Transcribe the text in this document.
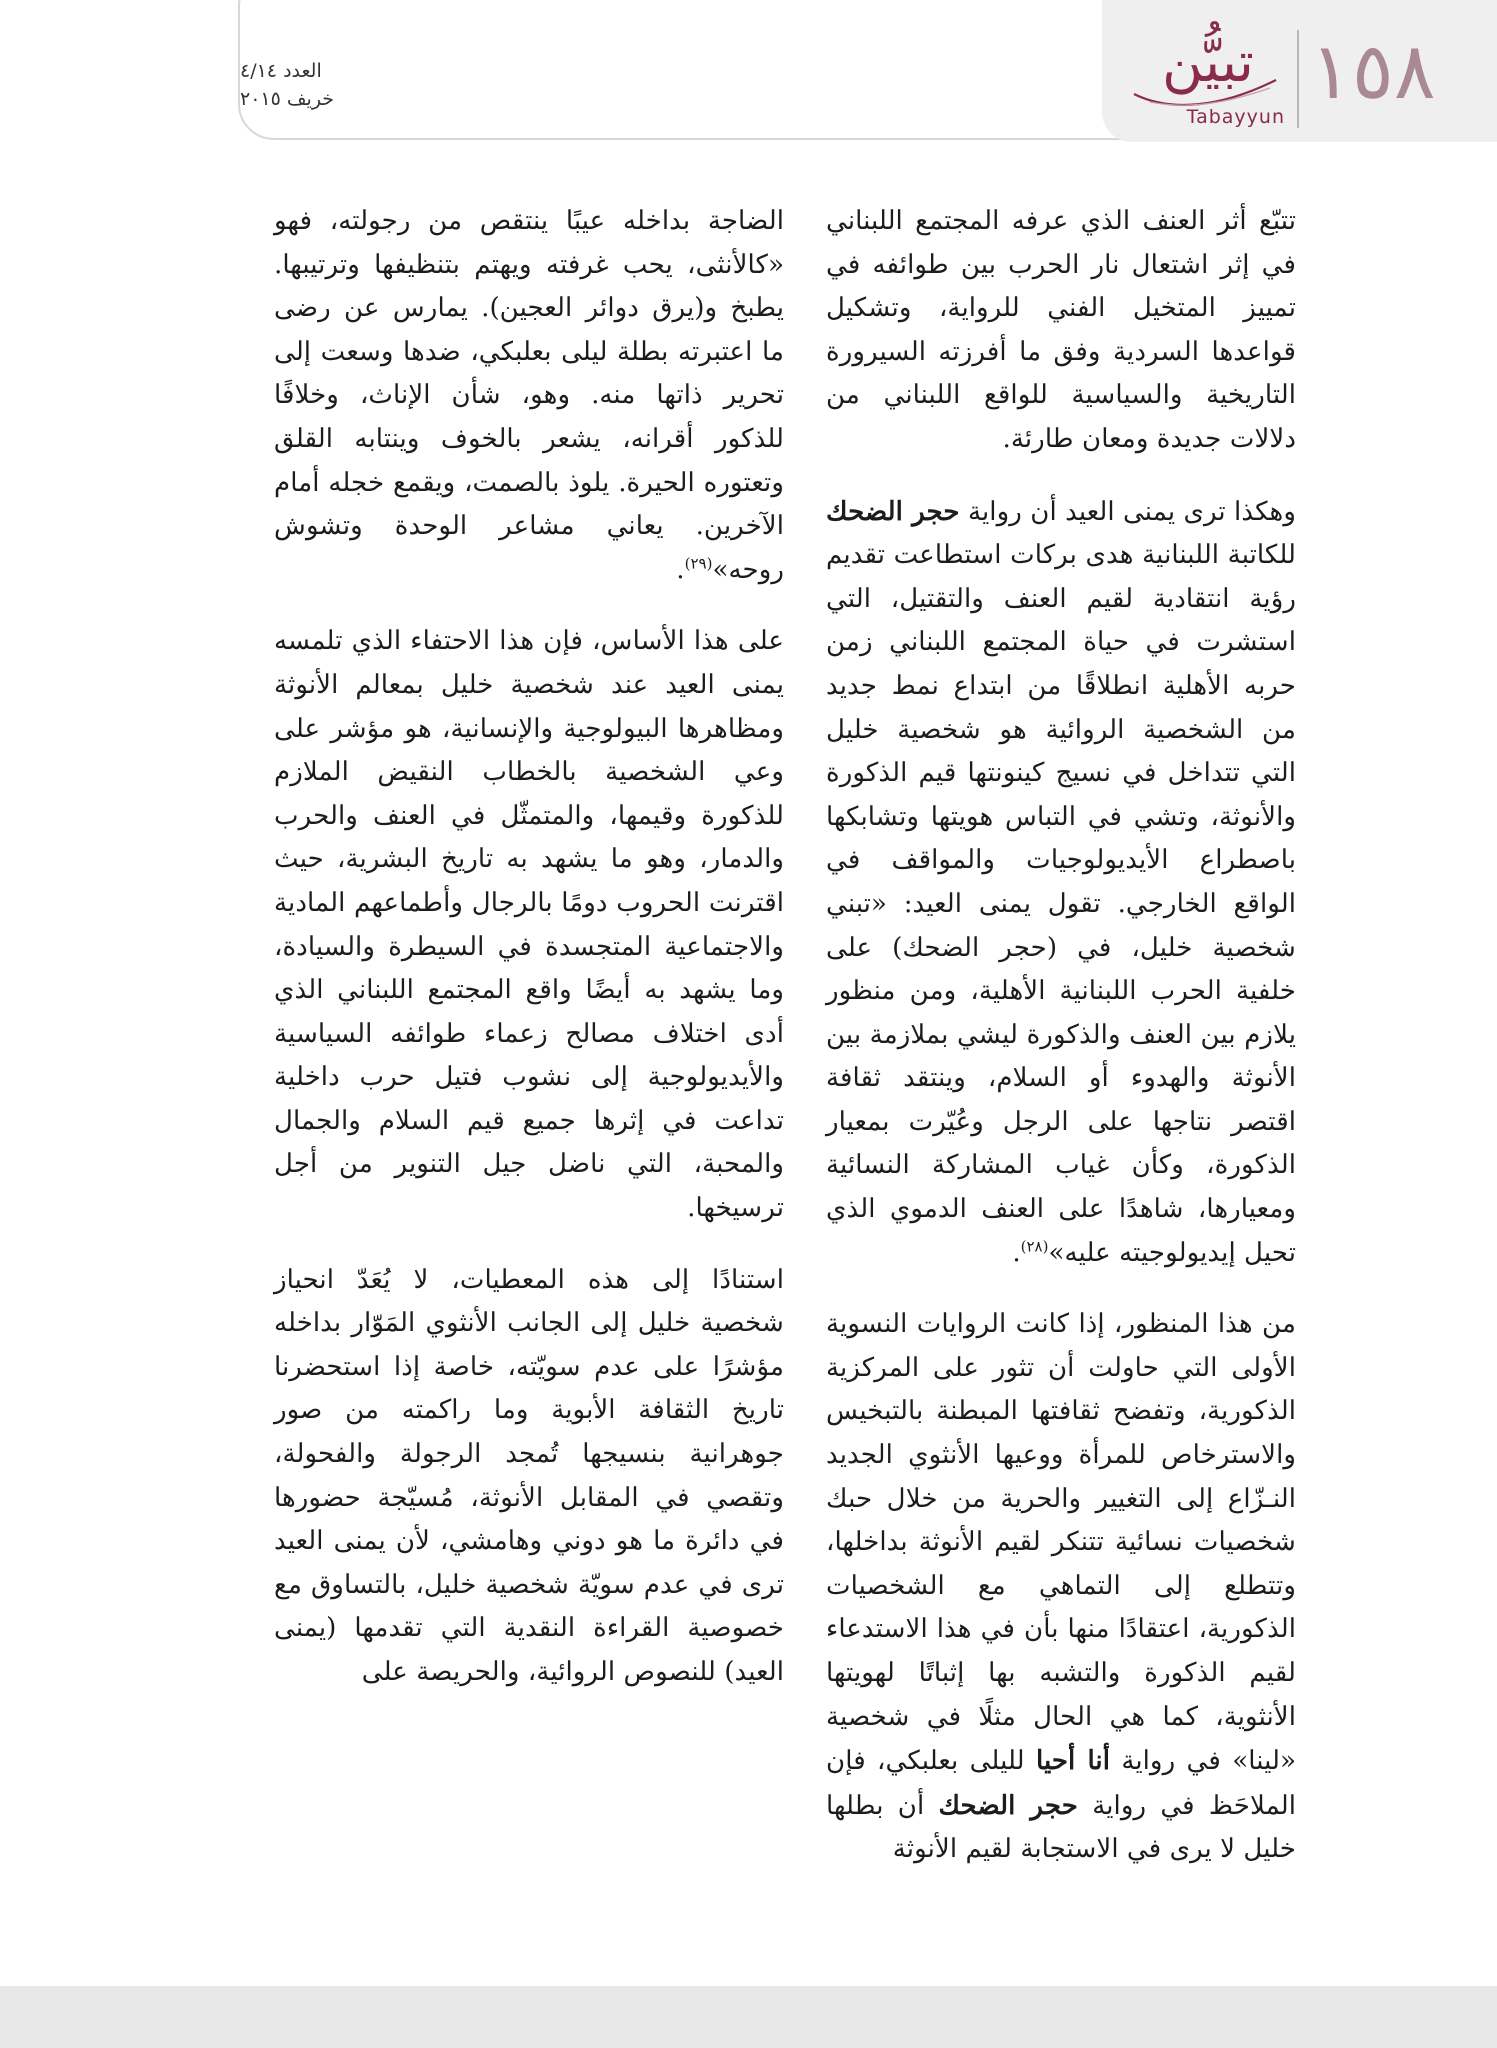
١٥٨
تبيُّن
Tabayyun
العدد ٤/١٤
خريف ٢٠١٥

تتبّع أثر العنف الذي عرفه المجتمع اللبناني في إثر اشتعال نار الحرب بين طوائفه في تمييز المتخيل الفني للرواية، وتشكيل قواعدها السردية وفق ما أفرزته السيرورة التاريخية والسياسية للواقع اللبناني من دلالات جديدة ومعان طارئة.

وهكذا ترى يمنى العيد أن رواية حجر الضحك للكاتبة اللبنانية هدى بركات استطاعت تقديم رؤية انتقادية لقيم العنف والتقتيل، التي استشرت في حياة المجتمع اللبناني زمن حربه الأهلية انطلاقًا من ابتداع نمط جديد من الشخصية الروائية هو شخصية خليل التي تتداخل في نسيج كينونتها قيم الذكورة والأنوثة، وتشي في التباس هويتها وتشابكها باصطراع الأيديولوجيات والمواقف في الواقع الخارجي. تقول يمنى العيد: «تبني شخصية خليل، في (حجر الضحك) على خلفية الحرب اللبنانية الأهلية، ومن منظور يلازم بين العنف والذكورة ليشي بملازمة بين الأنوثة والهدوء أو السلام، وينتقد ثقافة اقتصر نتاجها على الرجل وعُيّرت بمعيار الذكورة، وكأن غياب المشاركة النسائية ومعيارها، شاهدًا على العنف الدموي الذي تحيل إيديولوجيته عليه»$^{(٢٨)}$.

من هذا المنظور، إذا كانت الروايات النسوية الأولى التي حاولت أن تثور على المركزية الذكورية، وتفضح ثقافتها المبطنة بالتبخيس والاسترخاص للمرأة ووعيها الأنثوي الجديد النـزّاع إلى التغيير والحرية من خلال حبك شخصيات نسائية تتنكر لقيم الأنوثة بداخلها، وتتطلع إلى التماهي مع الشخصيات الذكورية، اعتقادًا منها بأن في هذا الاستدعاء لقيم الذكورة والتشبه بها إثباتًا لهويتها الأنثوية، كما هي الحال مثلًا في شخصية «لينا» في رواية أنا أحيا لليلى بعلبكي، فإن الملاحَظ في رواية حجر الضحك أن بطلها خليل لا يرى في الاستجابة لقيم الأنوثة

الضاجة بداخله عيبًا ينتقص من رجولته، فهو «كالأنثى، يحب غرفته ويهتم بتنظيفها وترتيبها. يطبخ و(يرق دوائر العجين). يمارس عن رضى ما اعتبرته بطلة ليلى بعلبكي، ضدها وسعت إلى تحرير ذاتها منه. وهو، شأن الإناث، وخلافًا للذكور أقرانه، يشعر بالخوف وينتابه القلق وتعتوره الحيرة. يلوذ بالصمت، ويقمع خجله أمام الآخرين. يعاني مشاعر الوحدة وتشوش روحه»$^{(٢٩)}$.

على هذا الأساس، فإن هذا الاحتفاء الذي تلمسه يمنى العيد عند شخصية خليل بمعالم الأنوثة ومظاهرها البيولوجية والإنسانية، هو مؤشر على وعي الشخصية بالخطاب النقيض الملازم للذكورة وقيمها، والمتمثّل في العنف والحرب والدمار، وهو ما يشهد به تاريخ البشرية، حيث اقترنت الحروب دومًا بالرجال وأطماعهم المادية والاجتماعية المتجسدة في السيطرة والسيادة، وما يشهد به أيضًا واقع المجتمع اللبناني الذي أدى اختلاف مصالح زعماء طوائفه السياسية والأيديولوجية إلى نشوب فتيل حرب داخلية تداعت في إثرها جميع قيم السلام والجمال والمحبة، التي ناضل جيل التنوير من أجل ترسيخها.

استنادًا إلى هذه المعطيات، لا يُعَدّ انحياز شخصية خليل إلى الجانب الأنثوي المَوّار بداخله مؤشرًا على عدم سويّته، خاصة إذا استحضرنا تاريخ الثقافة الأبوية وما راكمته من صور جوهرانية بنسيجها تُمجد الرجولة والفحولة، وتقصي في المقابل الأنوثة، مُسيّجة حضورها في دائرة ما هو دوني وهامشي، لأن يمنى العيد ترى في عدم سويّة شخصية خليل، بالتساوق مع خصوصية القراءة النقدية التي تقدمها (يمنى العيد) للنصوص الروائية، والحريصة على
